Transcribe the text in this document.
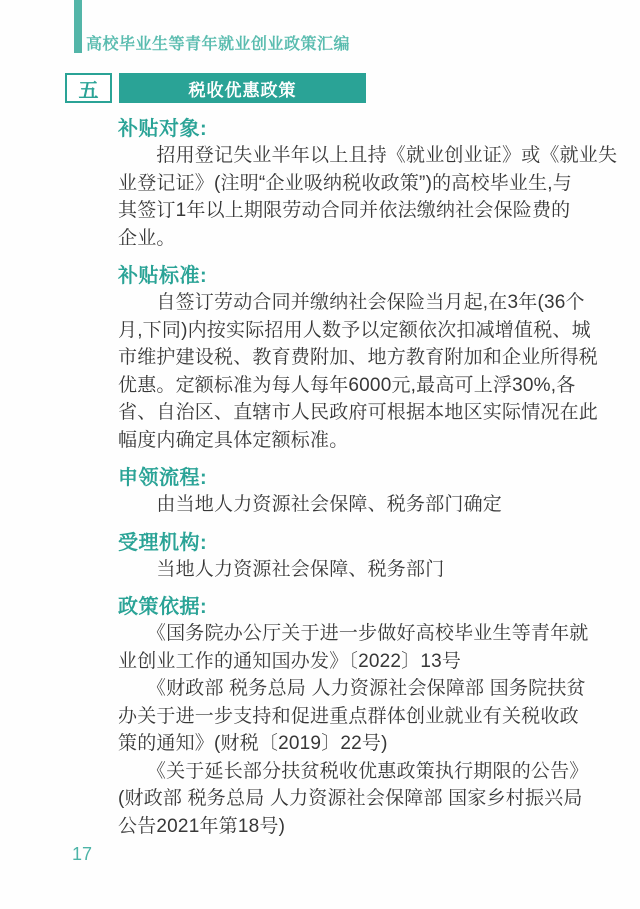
高校毕业生等青年就业创业政策汇编
五	税收优惠政策
补贴对象:
　　招用登记失业半年以上且持《就业创业证》或《就业失
业登记证》(注明“企业吸纳税收政策”)的高校毕业生,与
其签订1年以上期限劳动合同并依法缴纳社会保险费的
企业。
补贴标准:
　　自签订劳动合同并缴纳社会保险当月起,在3年(36个
月,下同)内按实际招用人数予以定额依次扣减增值税、城
市维护建设税、教育费附加、地方教育附加和企业所得税
优惠。定额标准为每人每年6000元,最高可上浮30%,各
省、自治区、直辖市人民政府可根据本地区实际情况在此
幅度内确定具体定额标准。
申领流程:
　　由当地人力资源社会保障、税务部门确定
受理机构:
　　当地人力资源社会保障、税务部门
政策依据:
　　《国务院办公厅关于进一步做好高校毕业生等青年就
业创业工作的通知国办发》〔2022〕13号
　　《财政部 税务总局 人力资源社会保障部 国务院扶贫
办关于进一步支持和促进重点群体创业就业有关税收政
策的通知》(财税〔2019〕22号)
　　《关于延长部分扶贫税收优惠政策执行期限的公告》
(财政部 税务总局 人力资源社会保障部 国家乡村振兴局
公告2021年第18号)
17
